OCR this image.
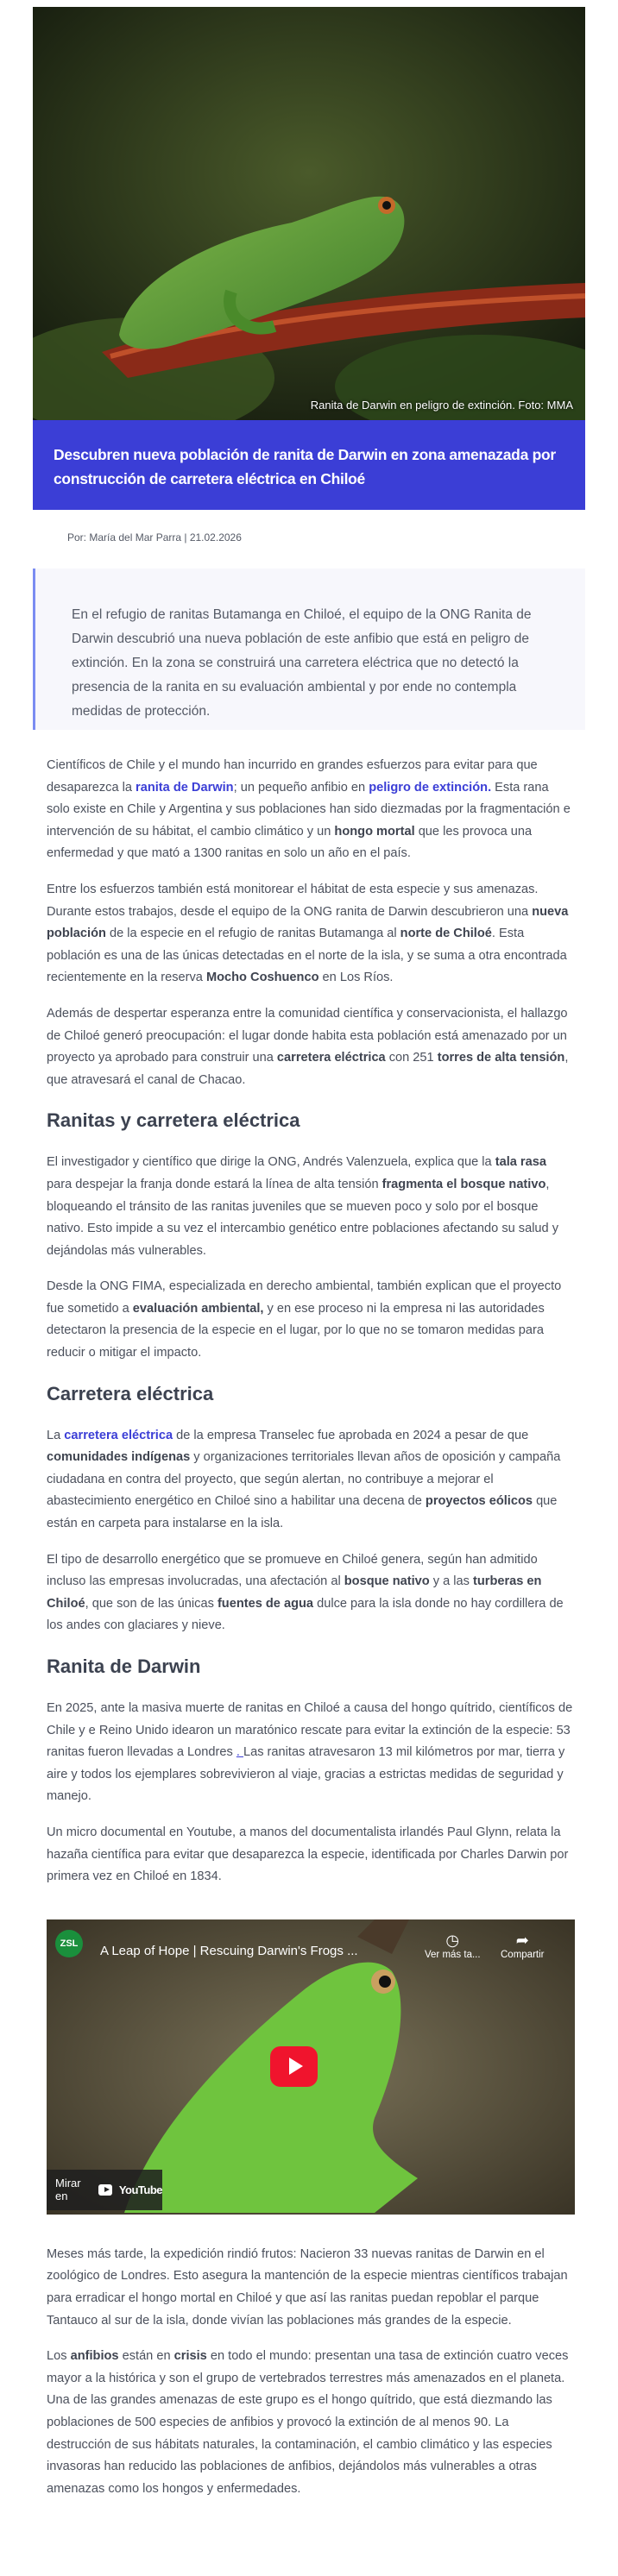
Ranita de Darwin en peligro de extinción. Foto: MMA
Descubren nueva población de ranita de Darwin en zona amenazada por construcción de carretera eléctrica en Chiloé
Por: María del Mar Parra | 21.02.2026
En el refugio de ranitas Butamanga en Chiloé, el equipo de la ONG Ranita de Darwin descubrió una nueva población de este anfibio que está en peligro de extinción. En la zona se construirá una carretera eléctrica que no detectó la presencia de la ranita en su evaluación ambiental y por ende no contempla medidas de protección.

Científicos de Chile y el mundo han incurrido en grandes esfuerzos para evitar para que desaparezca la ranita de Darwin; un pequeño anfibio en peligro de extinción. Esta rana solo existe en Chile y Argentina y sus poblaciones han sido diezmadas por la fragmentación e intervención de su hábitat, el cambio climático y un hongo mortal que les provoca una enfermedad y que mató a 1300 ranitas en solo un año en el país.

Entre los esfuerzos también está monitorear el hábitat de esta especie y sus amenazas. Durante estos trabajos, desde el equipo de la ONG ranita de Darwin descubrieron una nueva población de la especie en el refugio de ranitas Butamanga al norte de Chiloé. Esta población es una de las únicas detectadas en el norte de la isla, y se suma a otra encontrada recientemente en la reserva Mocho Coshuenco en Los Ríos.

Además de despertar esperanza entre la comunidad científica y conservacionista, el hallazgo de Chiloé generó preocupación: el lugar donde habita esta población está amenazado por un proyecto ya aprobado para construir una carretera eléctrica con 251 torres de alta tensión, que atravesará el canal de Chacao.

Ranitas y carretera eléctrica

El investigador y científico que dirige la ONG, Andrés Valenzuela, explica que la tala rasa para despejar la franja donde estará la línea de alta tensión fragmenta el bosque nativo, bloqueando el tránsito de las ranitas juveniles que se mueven poco y solo por el bosque nativo. Esto impide a su vez el intercambio genético entre poblaciones afectando su salud y dejándolas más vulnerables.

Desde la ONG FIMA, especializada en derecho ambiental, también explican que el proyecto fue sometido a evaluación ambiental, y en ese proceso ni la empresa ni las autoridades detectaron la presencia de la especie en el lugar, por lo que no se tomaron medidas para reducir o mitigar el impacto.

Carretera eléctrica

La carretera eléctrica de la empresa Transelec fue aprobada en 2024 a pesar de que comunidades indígenas y organizaciones territoriales llevan años de oposición y campaña ciudadana en contra del proyecto, que según alertan, no contribuye a mejorar el abastecimiento energético en Chiloé sino a habilitar una decena de proyectos eólicos que están en carpeta para instalarse en la isla.

El tipo de desarrollo energético que se promueve en Chiloé genera, según han admitido incluso las empresas involucradas, una afectación al bosque nativo y a las turberas en Chiloé, que son de las únicas fuentes de agua dulce para la isla donde no hay cordillera de los andes con glaciares y nieve.

Ranita de Darwin

En 2025, ante la masiva muerte de ranitas en Chiloé a causa del hongo quítrido, científicos de Chile y e Reino Unido idearon un maratónico rescate para evitar la extinción de la especie: 53 ranitas fueron llevadas a Londres . Las ranitas atravesaron 13 mil kilómetros por mar, tierra y aire y todos los ejemplares sobrevivieron al viaje, gracias a estrictas medidas de seguridad y manejo.

Un micro documental en Youtube, a manos del documentalista irlandés Paul Glynn, relata la hazaña científica para evitar que desaparezca la especie, identificada por Charles Darwin por primera vez en Chiloé en 1834.

ZSL	A Leap of Hope | Rescuing Darwin's Frogs ...
◷
Ver más ta...
➦
Compartir
Mirar en	YouTube

Meses más tarde, la expedición rindió frutos: Nacieron 33 nuevas ranitas de Darwin en el zoológico de Londres. Esto asegura la mantención de la especie mientras científicos trabajan para erradicar el hongo mortal en Chiloé y que así las ranitas puedan repoblar el parque Tantauco al sur de la isla, donde vivían las poblaciones más grandes de la especie.

Los anfibios están en crisis en todo el mundo: presentan una tasa de extinción cuatro veces mayor a la histórica y son el grupo de vertebrados terrestres más amenazados en el planeta. Una de las grandes amenazas de este grupo es el hongo quítrido, que está diezmando las poblaciones de 500 especies de anfibios y provocó la extinción de al menos 90. La destrucción de sus hábitats naturales, la contaminación, el cambio climático y las especies invasoras han reducido las poblaciones de anfibios, dejándolos más vulnerables a otras amenazas como los hongos y enfermedades.
